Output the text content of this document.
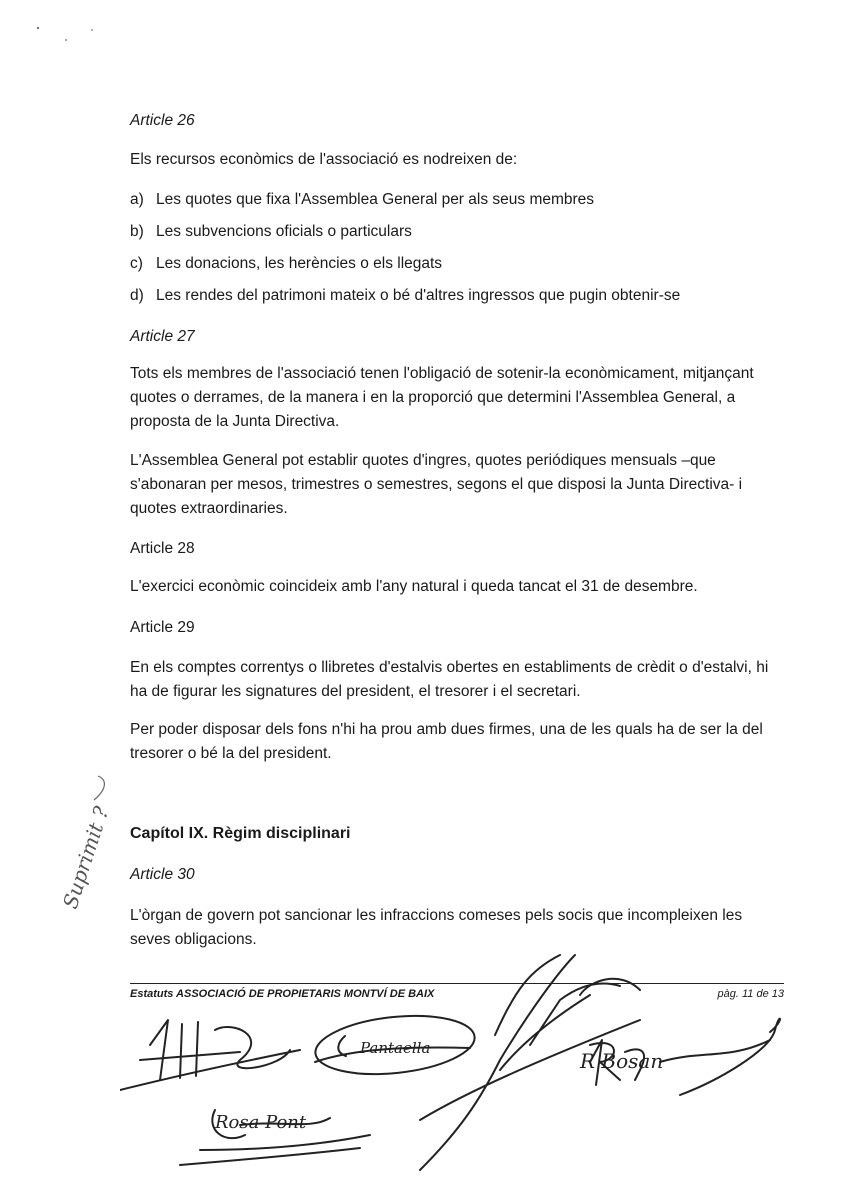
Article 26

Els recursos econòmics de l'associació es nodreixen de:

a) Les quotes que fixa l'Assemblea General per als seus membres
b) Les subvencions oficials o particulars
c) Les donacions, les herències o els llegats
d) Les rendes del patrimoni mateix o bé d'altres ingressos que pugin obtenir-se

Article 27

Tots els membres de l'associació tenen l'obligació de sotenir-la econòmicament, mitjançant quotes o derrames, de la manera i en la proporció que determini l'Assemblea General, a proposta de la Junta Directiva.

L'Assemblea General pot establir quotes d'ingres, quotes periódiques mensuals –que s'abonaran per mesos, trimestres o semestres, segons el que disposi la Junta Directiva- i quotes extraordinaries.

Article 28

L'exercici econòmic coincideix amb l'any natural i queda tancat el 31 de desembre.

Article 29

En els comptes correntys o llibretes d'estalvis obertes en establiments de crèdit o d'estalvi, hi ha de figurar les signatures del president, el tresorer i el secretari.

Per poder disposar dels fons n'hi ha prou amb dues firmes, una de les quals ha de ser la del tresorer o bé la del president.

Capítol IX. Règim disciplinari

Article 30

L'òrgan de govern pot sancionar les infraccions comeses pels socis que incompleixen les seves obligacions.

Suprimit ?
Estatuts ASSOCIACIÓ DE PROPIETARIS MONTVÍ DE BAIX	pàg. 11 de 13
Pantaella
Rosa Pont
R Bosan
